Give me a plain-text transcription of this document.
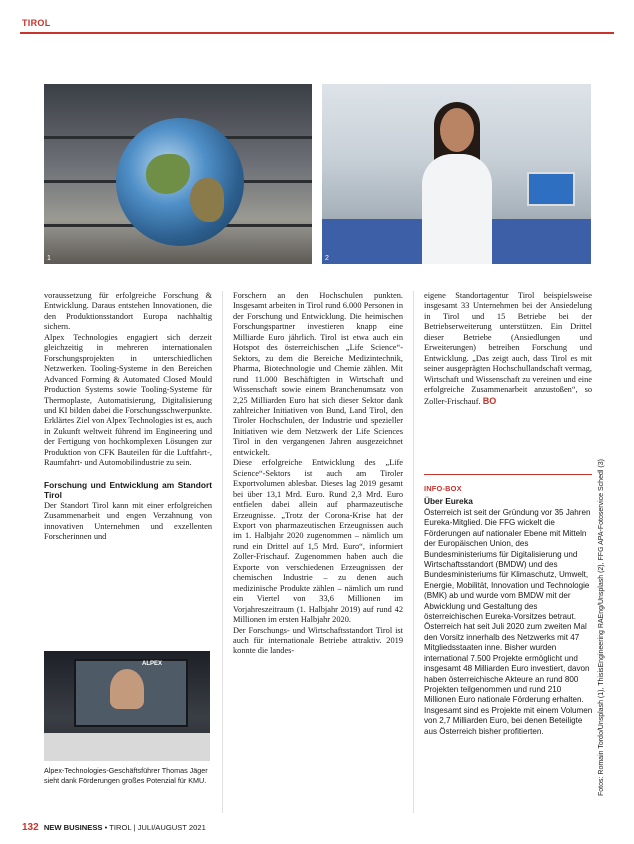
TIROL
1	2

voraussetzung für erfolgreiche Forschung & Entwicklung. Daraus entstehen Innovationen, die den Produktionsstandort Europa nachhaltig sichern.

Alpex Technologies engagiert sich derzeit gleichzeitig in mehreren internationalen Forschungsprojekten in unterschiedlichen Netzwerken. Tooling-Systeme in den Bereichen Advanced Forming & Automated Closed Mould Production Systems sowie Tooling-Systeme für Thermoplaste, Automatisierung, Digitalisierung und KI bilden dabei die Forschungsschwerpunkte. Erklärtes Ziel von Alpex Technologies ist es, auch in Zukunft weltweit führend im Engineering und der Fertigung von hochkomplexen Lösungen zur Produktion von CFK Bauteilen für die Luftfahrt-, Raumfahrt- und Automobilindustrie zu sein.

Forschung und Entwicklung am Standort Tirol

Der Standort Tirol kann mit einer erfolgreichen Zusammenarbeit und engen Verzahnung von innovativen Unternehmen und exzellenten Forscherinnen und

ALPEX
Alpex-Technologies-Geschäftsführer Thomas Jäger sieht dank Förderungen großes Potenzial für KMU.

Forschern an den Hochschulen punkten. Insgesamt arbeiten in Tirol rund 6.000 Personen in der Forschung und Entwicklung. Die heimischen Forschungspartner investieren knapp eine Milliarde Euro jährlich. Tirol ist etwa auch ein Hotspot des österreichischen „Life Science“-Sektors, zu dem die Bereiche Medizintechnik, Pharma, Biotechnologie und Chemie zählen. Mit rund 11.000 Beschäftigten in Wirtschaft und Wissenschaft sowie einem Branchenumsatz von 2,25 Milliarden Euro hat sich dieser Sektor dank zahlreicher Initiativen von Bund, Land Tirol, den Tiroler Hochschulen, der Industrie und spezieller Initiativen wie dem Netzwerk der Life Sciences Tirol in den vergangenen Jahren ausgezeichnet entwickelt.

Diese erfolgreiche Entwicklung des „Life Science“-Sektors ist auch am Tiroler Exportvolumen ablesbar. Dieses lag 2019 gesamt bei über 13,1 Mrd. Euro. Rund 2,3 Mrd. Euro entfielen dabei allein auf pharmazeutische Erzeugnisse. „Trotz der Corona-Krise hat der Export von pharmazeutischen Erzeugnissen auch im 1. Halbjahr 2020 zugenommen – nämlich um rund ein Drittel auf 1,5 Mrd. Euro“, informiert Zoller-Frischauf. Zugenommen haben auch die Exporte von verschiedenen Erzeugnissen der chemischen Industrie – zu denen auch medizinische Produkte zählen – nämlich um rund ein Viertel von 33,6 Millionen im Vorjahreszeitraum (1. Halbjahr 2019) auf rund 42 Millionen im ersten Halbjahr 2020.

Der Forschungs- und Wirtschaftsstandort Tirol ist auch für internationale Betriebe attraktiv. 2019 konnte die landes-

eigene Standortagentur Tirol beispielsweise insgesamt 33 Unternehmen bei der Ansiedelung in Tirol und 15 Betriebe bei der Betriebserweiterung unterstützen. Ein Drittel dieser Betriebe (Ansiedlungen und Erweiterungen) betreiben Forschung und Entwicklung. „Das zeigt auch, dass Tirol es mit seiner ausgeprägten Hochschullandschaft vermag, Wirtschaft und Wissenschaft zu vereinen und eine erfolgreiche Zusammenarbeit anzustoßen“, so Zoller-Frischauf. BO

INFO-BOX
Über Eureka
Österreich ist seit der Gründung vor 35 Jahren Eureka-Mitglied. Die FFG wickelt die Förderungen auf nationaler Ebene mit Mitteln der Europäischen Union, des Bundesministeriums für Digitalisierung und Wirtschaftsstandort (BMDW) und des Bundesministeriums für Klimaschutz, Umwelt, Energie, Mobilität, Innovation und Technologie (BMK) ab und wurde vom BMDW mit der Abwicklung und Gestaltung des österreichischen Eureka-Vorsitzes betraut. Österreich hat seit Juli 2020 zum zweiten Mal den Vorsitz innerhalb des Netzwerks mit 47 Mitgliedsstaaten inne. Bisher wurden international 7.500 Projekte ermöglicht und insgesamt 48 Milliarden Euro investiert, davon haben österreichische Akteure an rund 800 Projekten teilgenommen und rund 210 Millionen Euro nationale Förderung erhalten. Insgesamt sind es Projekte mit einem Volumen von 2,7 Milliarden Euro, bei denen Beteiligte aus Österreich bisher profitierten.	Fotos: Romain Tordo/Unsplash (1), ThisisEngineering RAEng/Unsplash (2), FFG APA-Fotoservice Schedl (3)
132 NEW BUSINESS • TIROL | JULI/AUGUST 2021
